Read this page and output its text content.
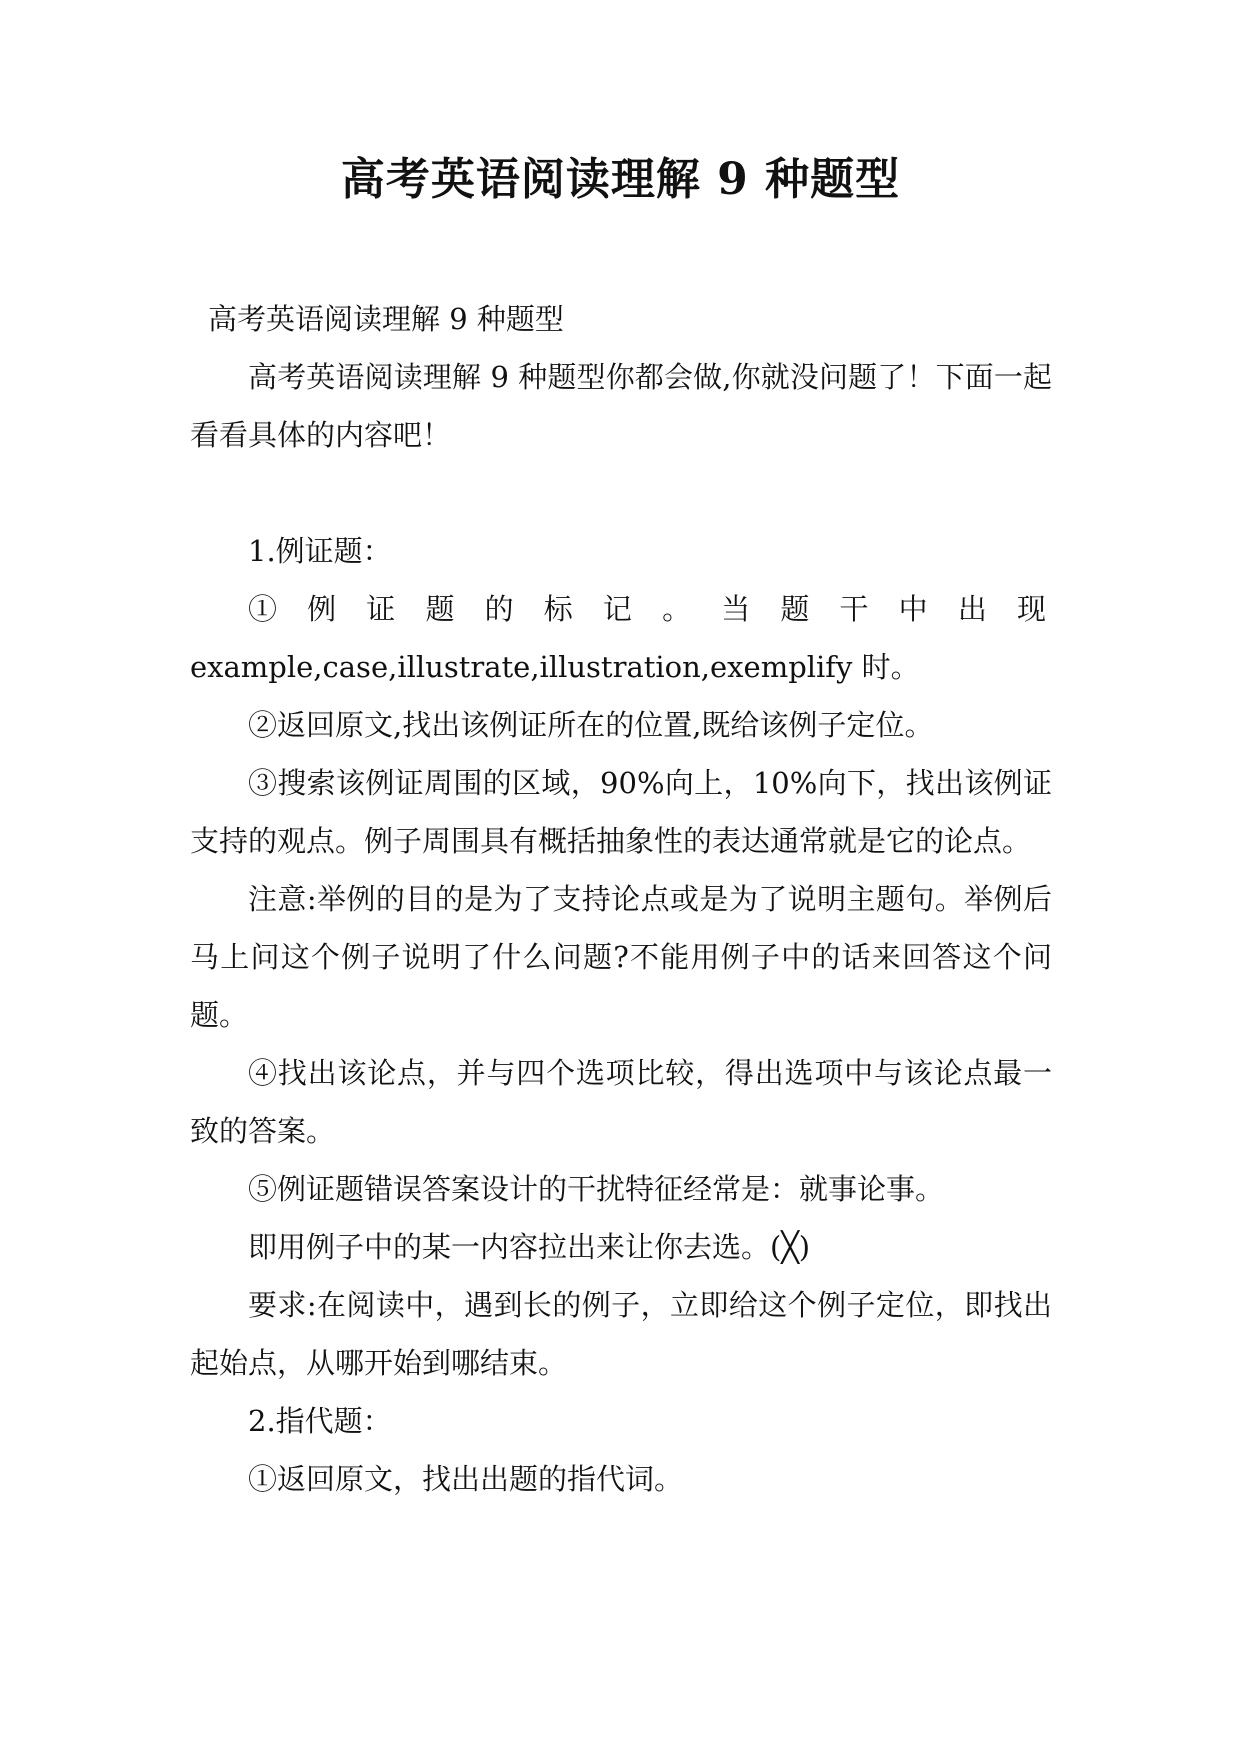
高考英语阅读理解 9 种题型

高考英语阅读理解 9 种题型

高考英语阅读理解 9 种题型你都会做,你就没问题了！下面一起看看具体的内容吧！

1.例证题：

① 例 证 题 的 标 记 。 当 题 干 中 出 现

example,case,illustrate,illustration,exemplify 时。

②返回原文,找出该例证所在的位置,既给该例子定位。

③搜索该例证周围的区域，90%向上，10%向下，找出该例证支持的观点。例子周围具有概括抽象性的表达通常就是它的论点。

注意:举例的目的是为了支持论点或是为了说明主题句。举例后马上问这个例子说明了什么问题?不能用例子中的话来回答这个问题。

④找出该论点，并与四个选项比较，得出选项中与该论点最一致的答案。

⑤例证题错误答案设计的干扰特征经常是：就事论事。

即用例子中的某一内容拉出来让你去选。(╳)

要求:在阅读中，遇到长的例子，立即给这个例子定位，即找出起始点，从哪开始到哪结束。

2.指代题：

①返回原文，找出出题的指代词。
